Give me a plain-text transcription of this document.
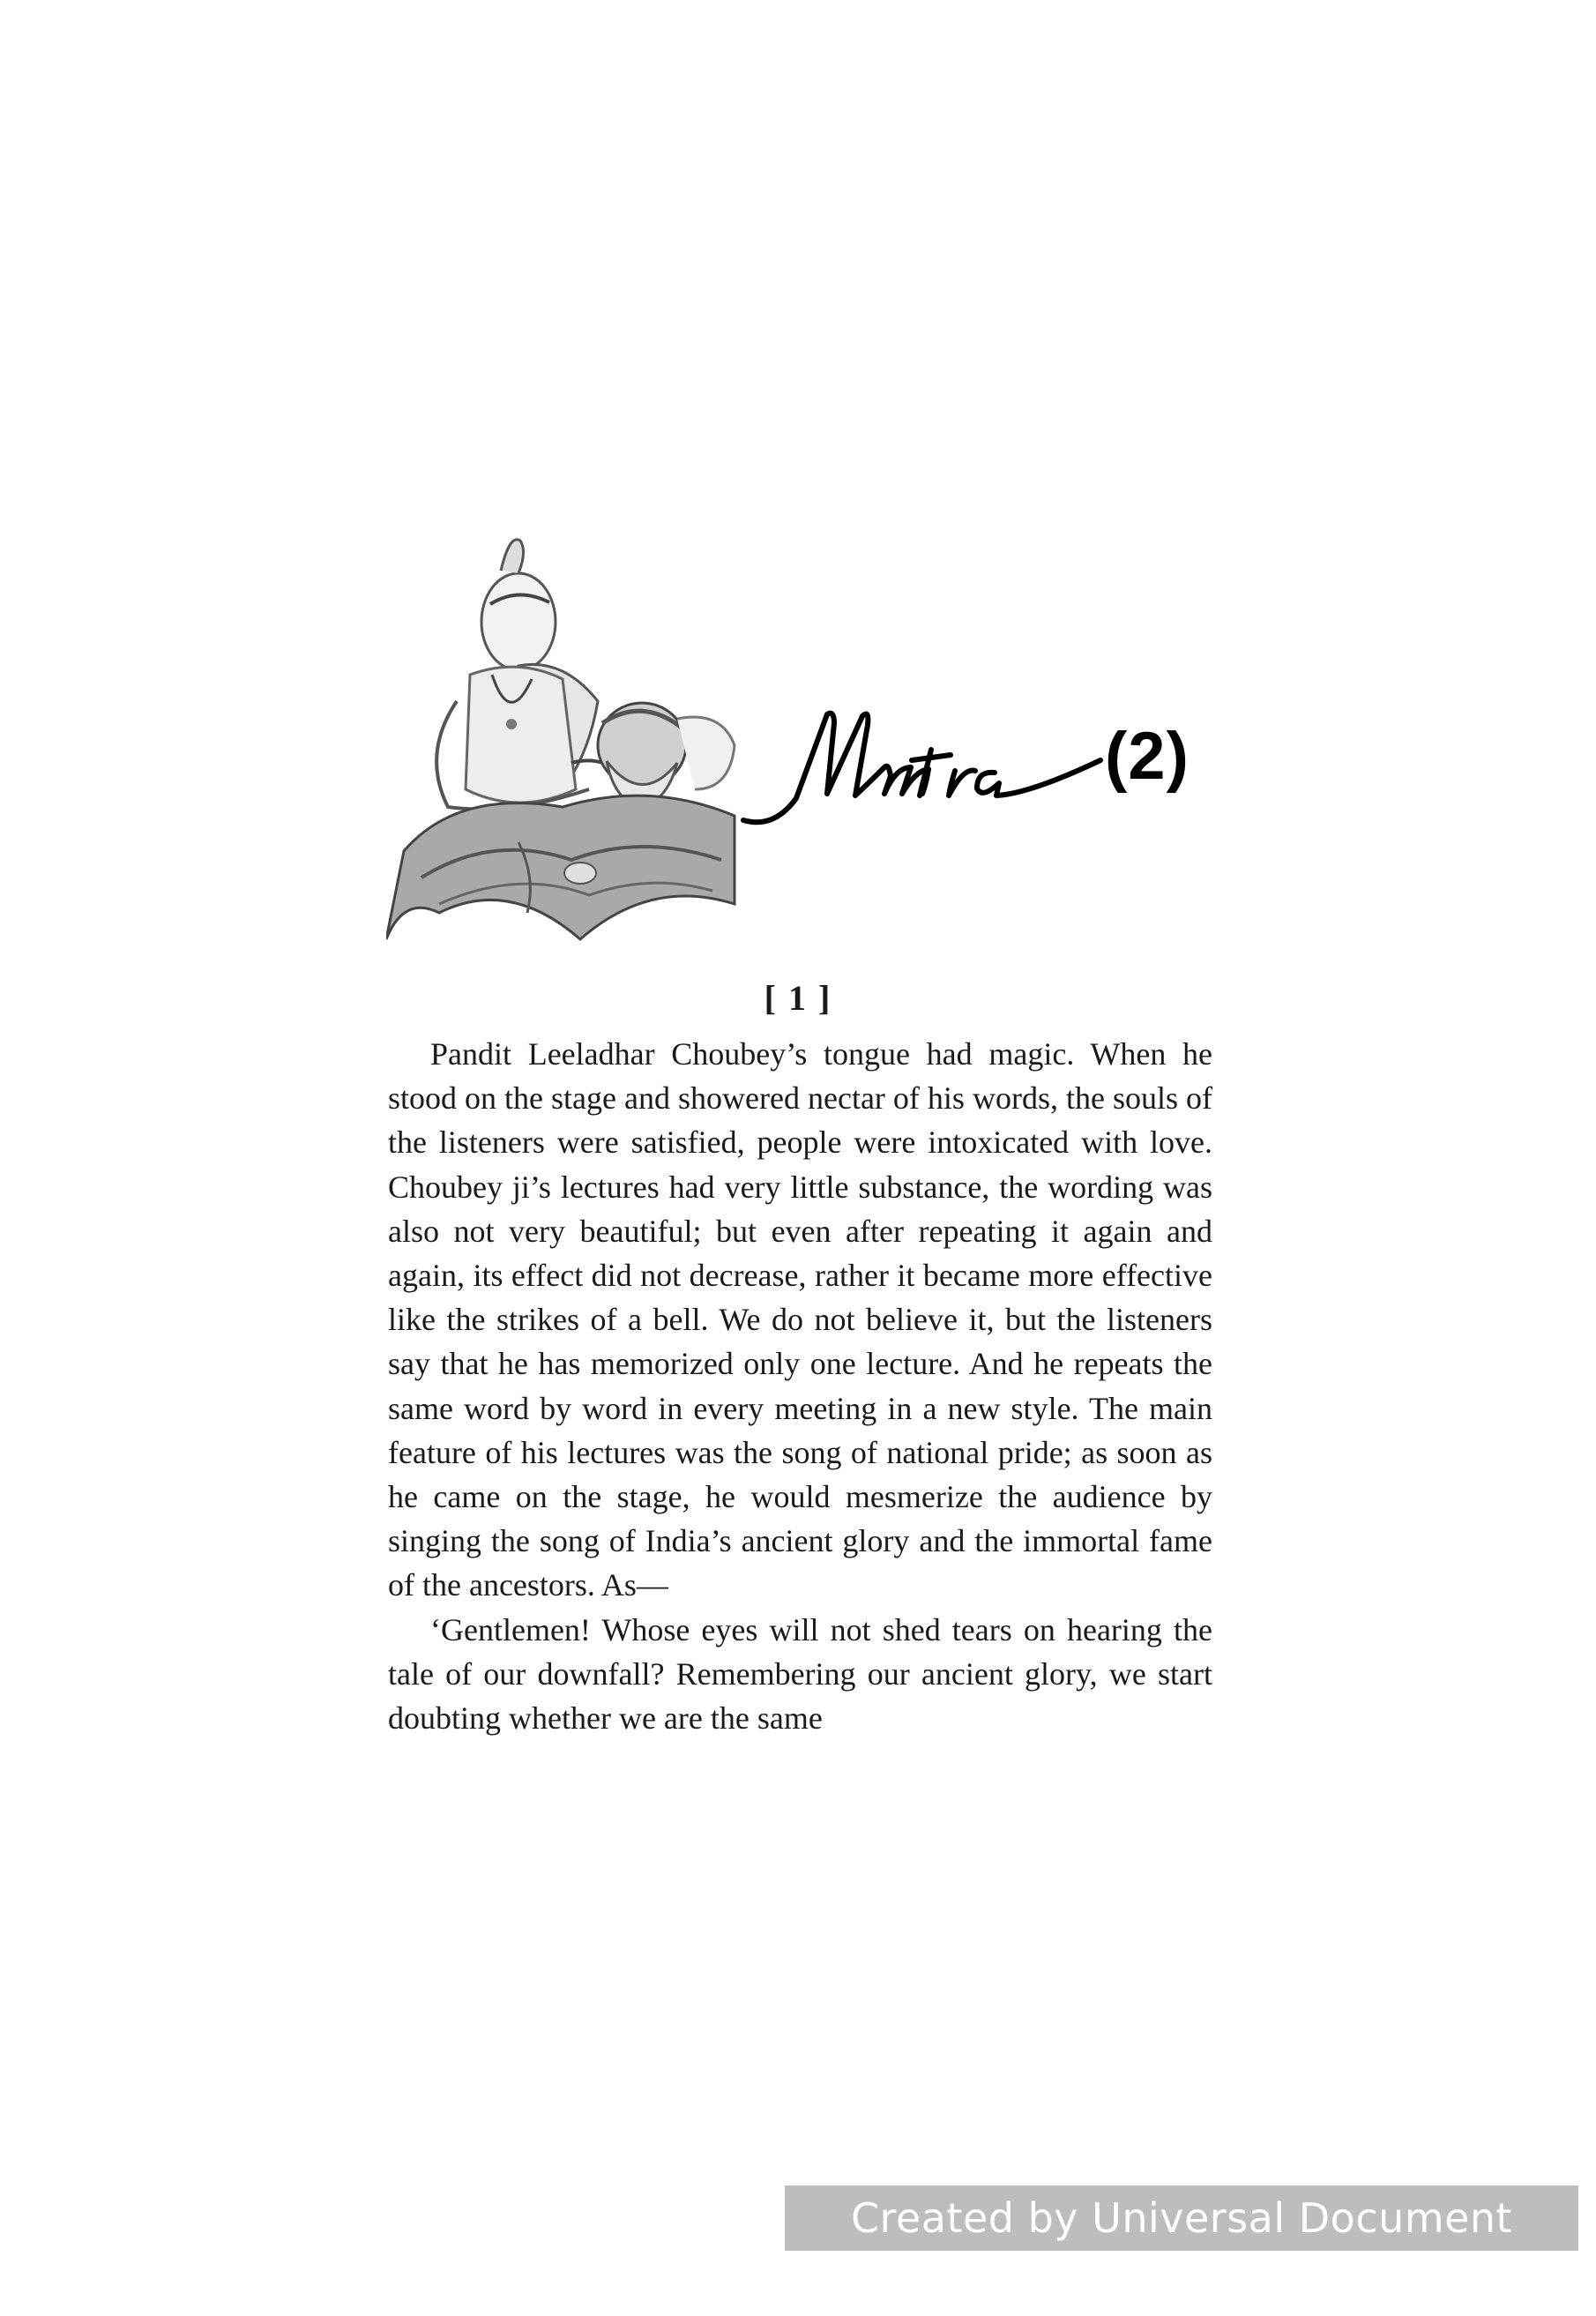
(2)
[ 1 ]

Pandit Leeladhar Choubey’s tongue had magic. When he stood on the stage and showered nectar of his words, the souls of the listeners were satisfied, people were intoxicated with love. Choubey ji’s lectures had very little substance, the wording was also not very beautiful; but even after repeating it again and again, its effect did not decrease, rather it became more effective like the strikes of a bell. We do not believe it, but the listeners say that he has memorized only one lecture. And he repeats the same word by word in every meeting in a new style. The main feature of his lectures was the song of national pride; as soon as he came on the stage, he would mesmerize the audience by singing the song of India’s ancient glory and the immortal fame of the ancestors. As—

‘Gentlemen! Whose eyes will not shed tears on hearing the tale of our downfall? Remembering our ancient glory, we start doubting whether we are the same

Created by Universal Document Converter
